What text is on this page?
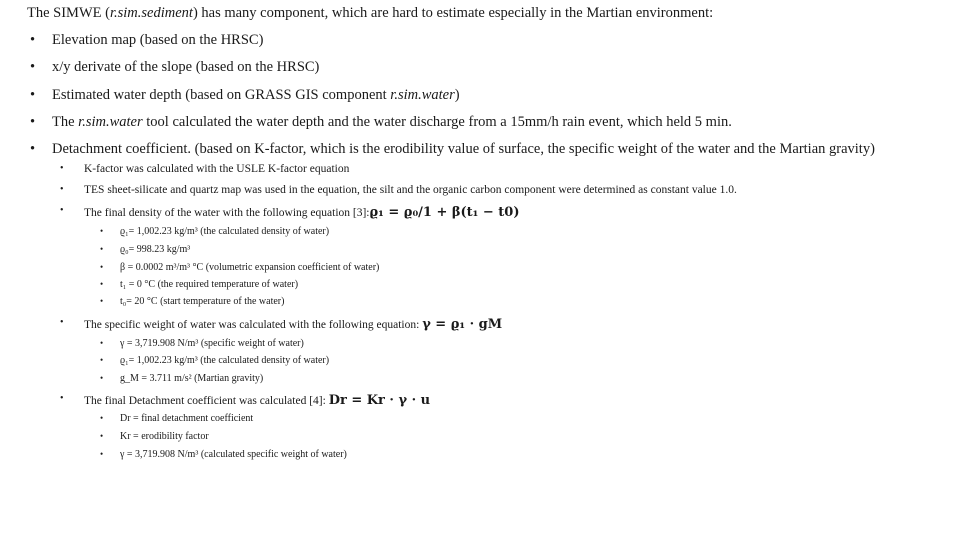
The SIMWE (r.sim.sediment) has many component, which are hard to estimate especially in the Martian environment:
• Elevation map (based on the HRSC)
• x/y derivate of the slope (based on the HRSC)
• Estimated water depth (based on GRASS GIS component r.sim.water)
• The r.sim.water tool calculated the water depth and the water discharge from a 15mm/h rain event, which held 5 min.
• Detachment coefficient. (based on K-factor, which is the erodibility value of surface, the specific weight of the water and the Martian gravity)
• K-factor was calculated with the USLE K-factor equation
• TES sheet-silicate and quartz map was used in the equation, the silt and the organic carbon component were determined as constant value 1.0.
• The final density of the water with the following equation [3]:ϱ₁ = ϱ₀/1 + β(t₁ − t0)
• ϱ₁= 1,002.23 kg/m³ (the calculated density of water)
• ϱ₀= 998.23 kg/m³
• β = 0.0002 m³/m³ °C (volumetric expansion coefficient of water)
• t₁ = 0 °C (the required temperature of water)
• t₀= 20 °C (start temperature of the water)
• The specific weight of water was calculated with the following equation: γ = ϱ₁ · gM
• γ = 3,719.908 N/m³ (specific weight of water)
• ϱ₁= 1,002.23 kg/m³ (the calculated density of water)
• g_M = 3.711 m/s² (Martian gravity)
• The final Detachment coefficient was calculated [4]: Dr = Kr · γ · u
• Dr = final detachment coefficient
• Kr = erodibility factor
• γ = 3,719.908 N/m³ (calculated specific weight of water)
